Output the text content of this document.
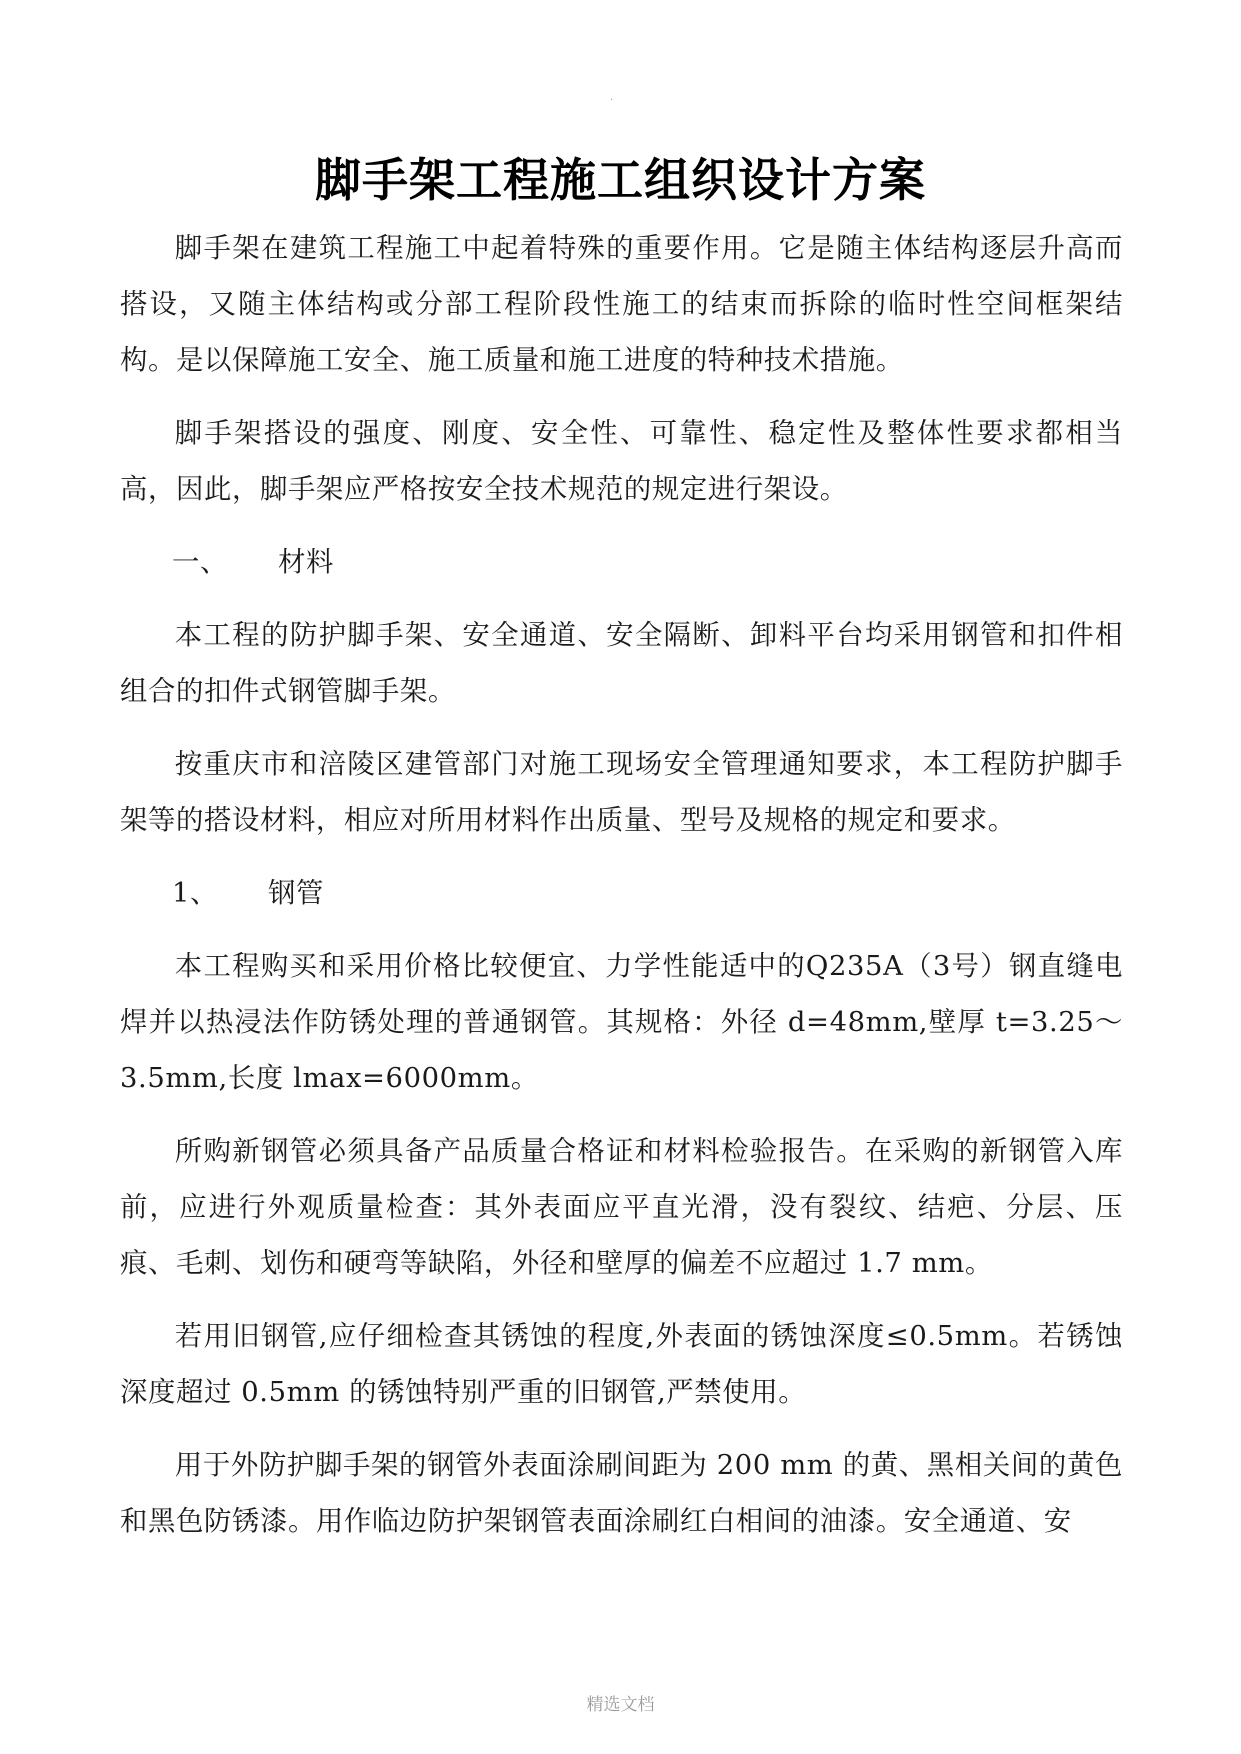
·
脚手架工程施工组织设计方案

脚手架在建筑工程施工中起着特殊的重要作用。它是随主体结构逐层升高而搭设，又随主体结构或分部工程阶段性施工的结束而拆除的临时性空间框架结构。是以保障施工安全、施工质量和施工进度的特种技术措施。

脚手架搭设的强度、刚度、安全性、可靠性、稳定性及整体性要求都相当高，因此，脚手架应严格按安全技术规范的规定进行架设。

一、 材料

本工程的防护脚手架、安全通道、安全隔断、卸料平台均采用钢管和扣件相组合的扣件式钢管脚手架。

按重庆市和涪陵区建管部门对施工现场安全管理通知要求，本工程防护脚手架等的搭设材料，相应对所用材料作出质量、型号及规格的规定和要求。

1、 钢管

本工程购买和采用价格比较便宜、力学性能适中的Q235A（3号）钢直缝电焊并以热浸法作防锈处理的普通钢管。其规格：外径 d=48mm,壁厚 t=3.25～3.5mm,长度 lmax=6000mm。

所购新钢管必须具备产品质量合格证和材料检验报告。在采购的新钢管入库前，应进行外观质量检查：其外表面应平直光滑，没有裂纹、结疤、分层、压痕、毛刺、划伤和硬弯等缺陷，外径和壁厚的偏差不应超过 1.7 mm。

若用旧钢管,应仔细检查其锈蚀的程度,外表面的锈蚀深度≤0.5mm。若锈蚀深度超过 0.5mm 的锈蚀特别严重的旧钢管,严禁使用。

用于外防护脚手架的钢管外表面涂刷间距为 200 mm 的黄、黑相关间的黄色和黑色防锈漆。用作临边防护架钢管表面涂刷红白相间的油漆。安全通道、安

精选文档
